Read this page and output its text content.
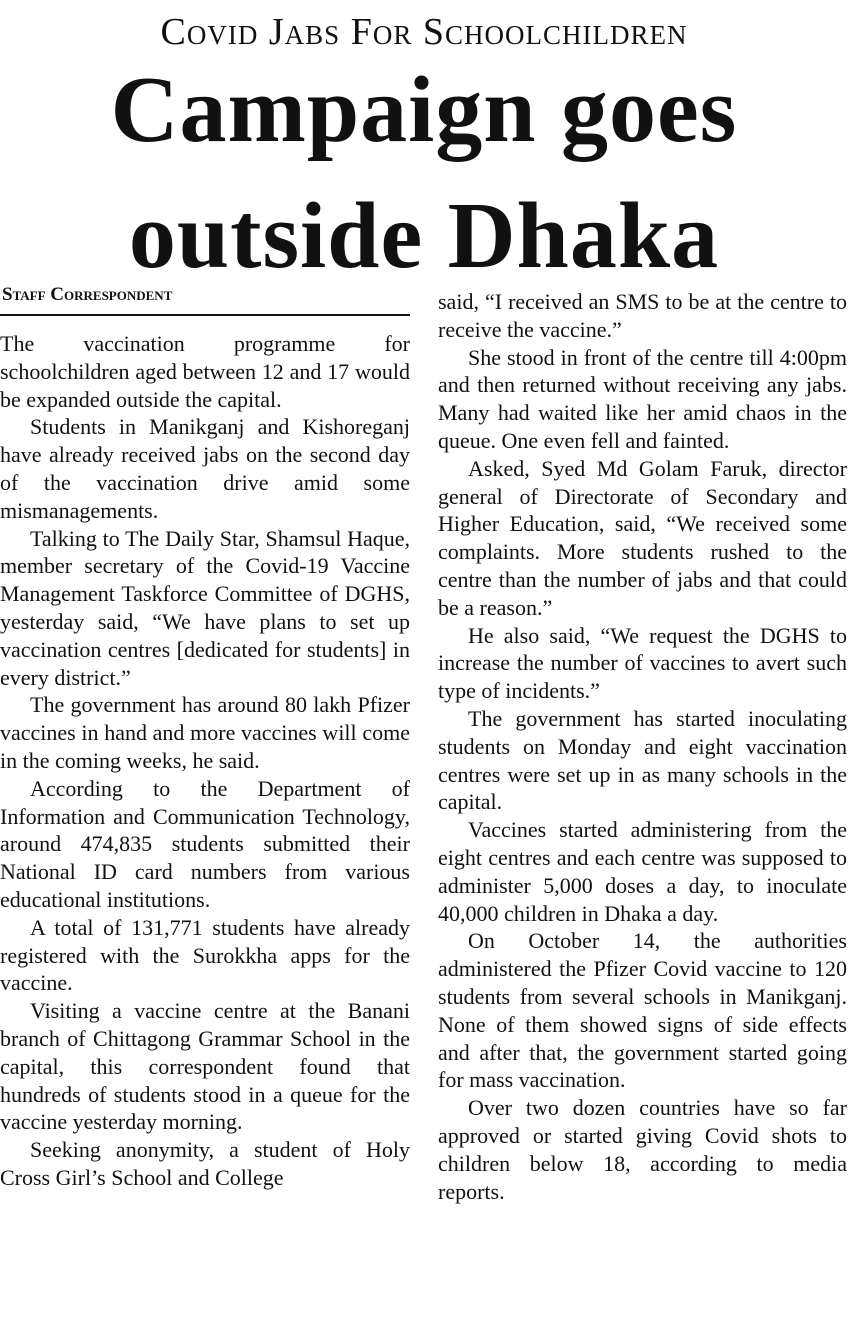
Covid Jabs For Schoolchildren
Campaign goes
outside Dhaka
Staff Correspondent

The vaccination programme for schoolchildren aged between 12 and 17 would be expanded outside the capital.

Students in Manikganj and Kishoreganj have already received jabs on the second day of the vaccination drive amid some mismanagements.

Talking to The Daily Star, Shamsul Haque, member secretary of the Covid-19 Vaccine Management Taskforce Committee of DGHS, yesterday said, “We have plans to set up vaccination centres [dedicated for students] in every district.”

The government has around 80 lakh Pfizer vaccines in hand and more vaccines will come in the coming weeks, he said.

According to the Department of Information and Communication Technology, around 474,835 students submitted their National ID card numbers from various educational institutions.

A total of 131,771 students have already registered with the Surokkha apps for the vaccine.

Visiting a vaccine centre at the Banani branch of Chittagong Grammar School in the capital, this correspondent found that hundreds of students stood in a queue for the vaccine yesterday morning.

Seeking anonymity, a student of Holy Cross Girl’s School and College

said, “I received an SMS to be at the centre to receive the vaccine.”

She stood in front of the centre till 4:00pm and then returned without receiving any jabs. Many had waited like her amid chaos in the queue. One even fell and fainted.

Asked, Syed Md Golam Faruk, director general of Directorate of Secondary and Higher Education, said, “We received some complaints. More students rushed to the centre than the number of jabs and that could be a reason.”

He also said, “We request the DGHS to increase the number of vaccines to avert such type of incidents.”

The government has started inoculating students on Monday and eight vaccination centres were set up in as many schools in the capital.

Vaccines started administering from the eight centres and each centre was supposed to administer 5,000 doses a day, to inoculate 40,000 children in Dhaka a day.

On October 14, the authorities administered the Pfizer Covid vaccine to 120 students from several schools in Manikganj. None of them showed signs of side effects and after that, the government started going for mass vaccination.

Over two dozen countries have so far approved or started giving Covid shots to children below 18, according to media reports.
